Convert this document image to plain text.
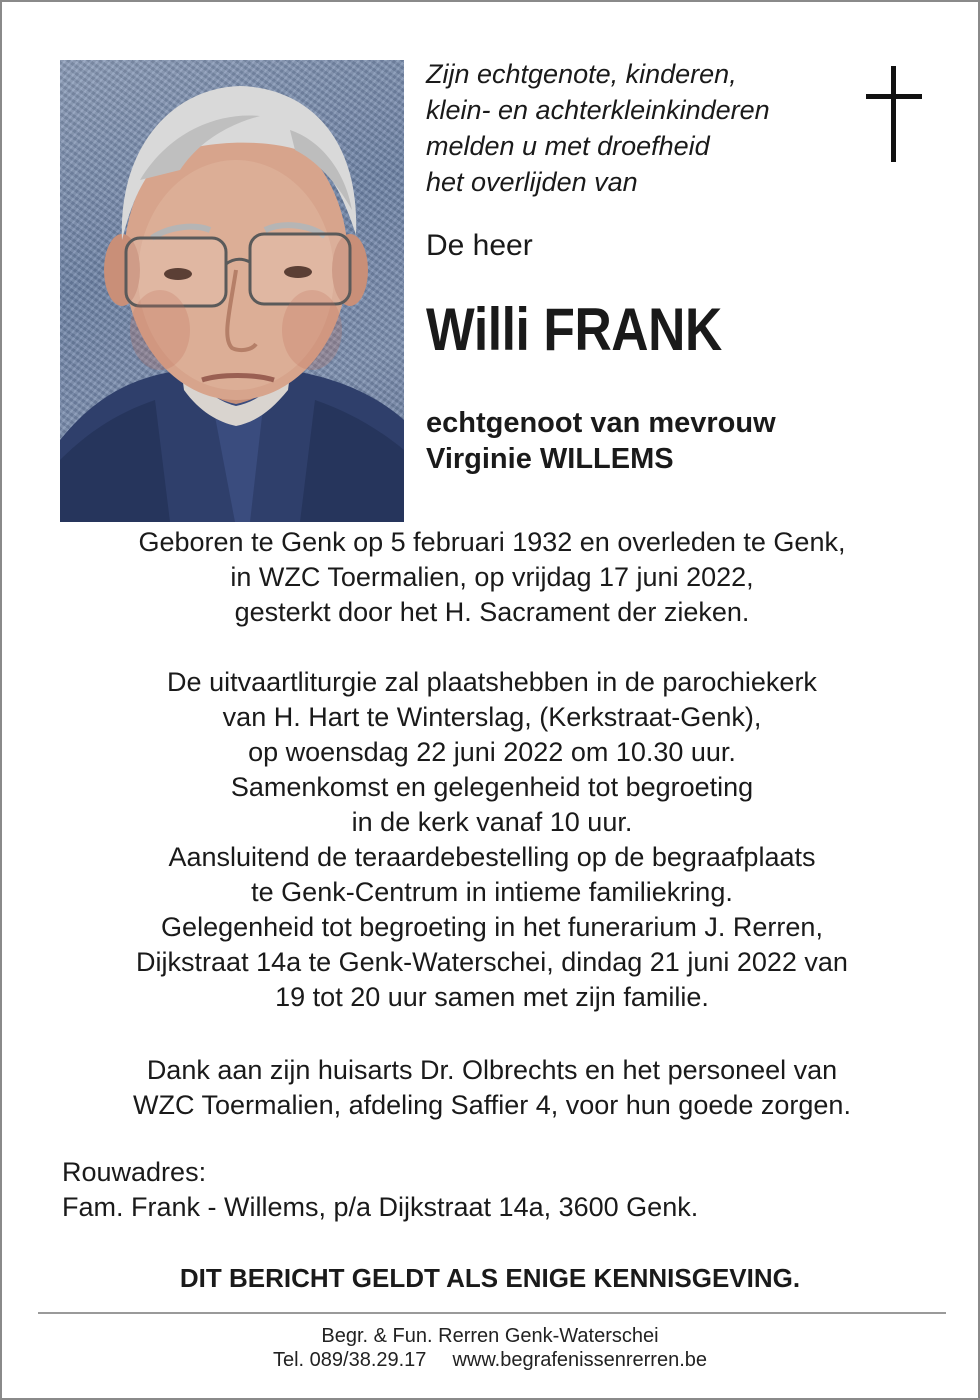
Zijn echtgenote, kinderen,
klein- en achterkleinkinderen
melden u met droefheid
het overlijden van
De heer
Willi FRANK
echtgenoot van mevrouw
Virginie WILLEMS
Geboren te Genk op 5 februari 1932 en overleden te Genk,
in WZC Toermalien, op vrijdag 17 juni 2022,
gesterkt door het H. Sacrament der zieken.
De uitvaartliturgie zal plaatshebben in de parochiekerk
van H. Hart te Winterslag, (Kerkstraat-Genk),
op woensdag 22 juni 2022 om 10.30 uur.
Samenkomst en gelegenheid tot begroeting
in de kerk vanaf 10 uur.
Aansluitend de teraardebestelling op de begraafplaats
te Genk-Centrum in intieme familiekring.
Gelegenheid tot begroeting in het funerarium J. Rerren,
Dijkstraat 14a te Genk-Waterschei, dindag 21 juni 2022 van
19 tot 20 uur samen met zijn familie.
Dank aan zijn huisarts Dr. Olbrechts en het personeel van
WZC Toermalien, afdeling Saffier 4, voor hun goede zorgen.
Rouwadres:
Fam. Frank - Willems, p/a Dijkstraat 14a, 3600 Genk.
DIT BERICHT GELDT ALS ENIGE KENNISGEVING.
Begr. & Fun. Rerren Genk-Waterschei
Tel. 089/38.29.17 www.begrafenissenrerren.be
